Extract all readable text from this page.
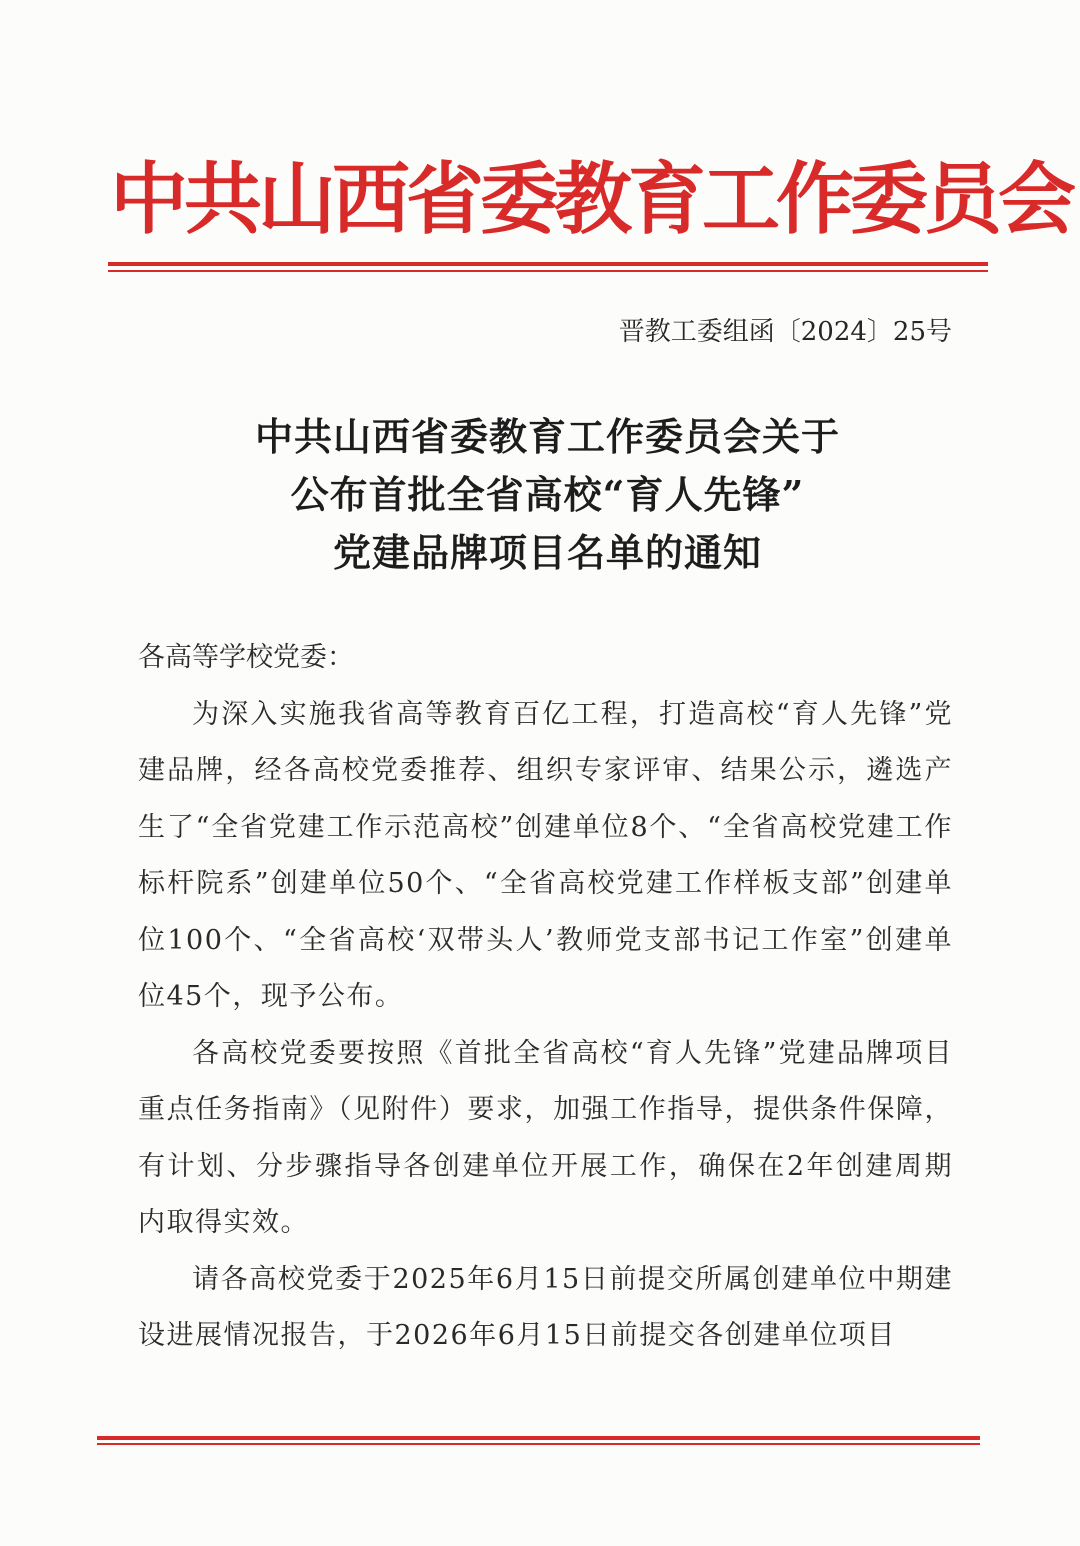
中共山西省委教育工作委员会
晋教工委组函〔2024〕25号
中共山西省委教育工作委员会关于
公布首批全省高校“育人先锋”
党建品牌项目名单的通知
各高等学校党委：
为深入实施我省高等教育百亿工程，打造高校“育人先锋”党建品牌，经各高校党委推荐、组织专家评审、结果公示，遴选产生了“全省党建工作示范高校”创建单位8个、“全省高校党建工作标杆院系”创建单位50个、“全省高校党建工作样板支部”创建单位100个、“全省高校‘双带头人’教师党支部书记工作室”创建单位45个，现予公布。
各高校党委要按照《首批全省高校“育人先锋”党建品牌项目重点任务指南》（见附件）要求，加强工作指导，提供条件保障，有计划、分步骤指导各创建单位开展工作，确保在2年创建周期内取得实效。
请各高校党委于2025年6月15日前提交所属创建单位中期建设进展情况报告，于2026年6月15日前提交各创建单位项目
